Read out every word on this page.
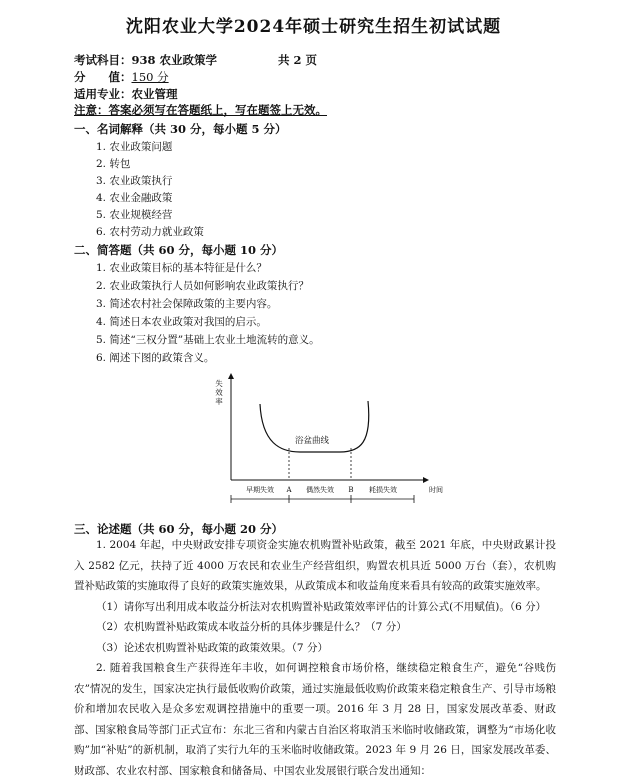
沈阳农业大学2024年硕士研究生招生初试试题
考试科目：938 农业政策学	共 2 页
分　　值：150 分
适用专业：农业管理
注意：答案必须写在答题纸上，写在题签上无效。
一、名词解释（共 30 分，每小题 5 分）
1. 农业政策问题
2. 转包
3. 农业政策执行
4. 农业金融政策
5. 农业规模经营
6. 农村劳动力就业政策
二、简答题（共 60 分，每小题 10 分）
1. 农业政策目标的基本特征是什么？
2. 农业政策执行人员如何影响农业政策执行？
3. 简述农村社会保障政策的主要内容。
4. 简述日本农业政策对我国的启示。
5. 简述“三权分置”基础上农业土地流转的意义。
6. 阐述下图的政策含义。
失
效
率
浴盆曲线
A	B
早期失效	偶然失效	耗损失效	时间
三、论述题（共 60 分，每小题 20 分）

1. 2004 年起，中央财政安排专项资金实施农机购置补贴政策，截至 2021 年底，中央财政累计投入 2582 亿元，扶持了近 4000 万农民和农业生产经营组织，购置农机具近 5000 万台（套），农机购置补贴政策的实施取得了良好的政策实施效果，从政策成本和收益角度来看具有较高的政策实施效率。

（1）请你写出利用成本收益分析法对农机购置补贴政策效率评估的计算公式(不用赋值)。（6 分）

（2）农机购置补贴政策成本收益分析的具体步骤是什么？（7 分）

（3）论述农机购置补贴政策的政策效果。（7 分）

2. 随着我国粮食生产获得连年丰收，如何调控粮食市场价格，继续稳定粮食生产，避免“谷贱伤农”情况的发生，国家决定执行最低收购价政策，通过实施最低收购价政策来稳定粮食生产、引导市场粮价和增加农民收入是众多宏观调控措施中的重要一项。2016 年 3 月 28 日，国家发展改革委、财政部、国家粮食局等部门正式宣布：东北三省和内蒙古自治区将取消玉米临时收储政策，调整为“市场化收购”加“补贴”的新机制，取消了实行九年的玉米临时收储政策。2023 年 9 月 26 日，国家发展改革委、财政部、农业农村部、国家粮食和储备局、中国农业发展银行联合发出通知：
